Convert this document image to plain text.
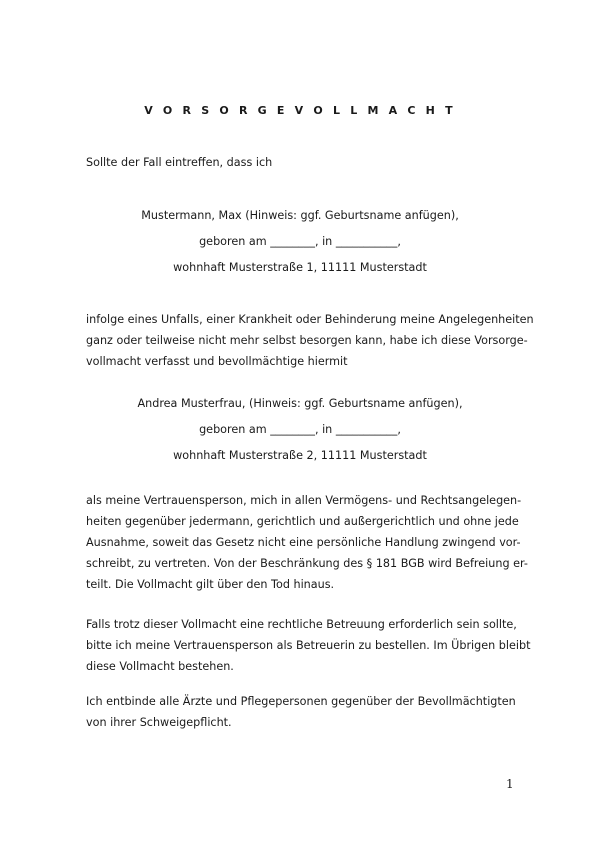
V O R S O R G E V O L L M A C H T
Sollte der Fall eintreffen, dass ich
Mustermann, Max (Hinweis: ggf. Geburtsname anfügen),
geboren am ________, in ___________,
wohnhaft Musterstraße 1, 11111 Musterstadt
infolge eines Unfalls, einer Krankheit oder Behinderung meine Angelegenheiten
ganz oder teilweise nicht mehr selbst besorgen kann, habe ich diese Vorsorge-
vollmacht verfasst und bevollmächtige hiermit
Andrea Musterfrau, (Hinweis: ggf. Geburtsname anfügen),
geboren am ________, in ___________,
wohnhaft Musterstraße 2, 11111 Musterstadt
als meine Vertrauensperson, mich in allen Vermögens- und Rechtsangelegen-
heiten gegenüber jedermann, gerichtlich und außergerichtlich und ohne jede
Ausnahme, soweit das Gesetz nicht eine persönliche Handlung zwingend vor-
schreibt, zu vertreten. Von der Beschränkung des § 181 BGB wird Befreiung er-
teilt. Die Vollmacht gilt über den Tod hinaus.
Falls trotz dieser Vollmacht eine rechtliche Betreuung erforderlich sein sollte,
bitte ich meine Vertrauensperson als Betreuerin zu bestellen. Im Übrigen bleibt
diese Vollmacht bestehen.
Ich entbinde alle Ärzte und Pflegepersonen gegenüber der Bevollmächtigten
von ihrer Schweigepflicht.
1
